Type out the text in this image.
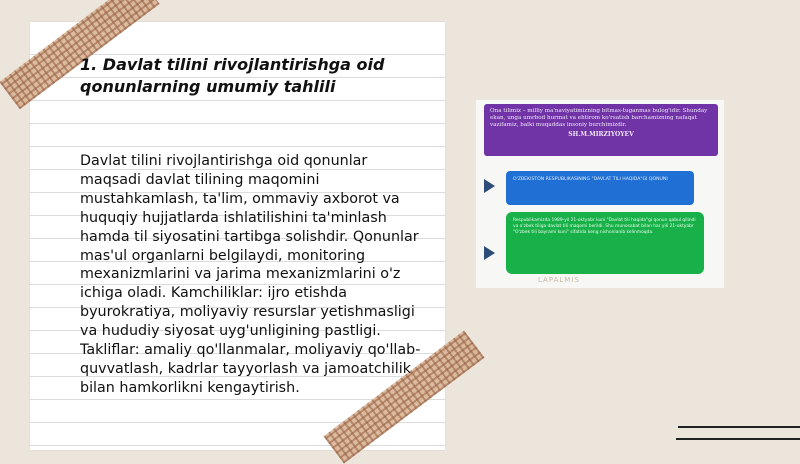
1. Davlat tilini rivojlantirishga oid qonunlarning umumiy tahlili
Davlat tilini rivojlantirishga oid qonunlar maqsadi davlat tilining maqomini mustahkamlash, ta'lim, ommaviy axborot va huquqiy hujjatlarda ishlatilishini ta'minlash hamda til siyosatini tartibga solishdir. Qonunlar mas'ul organlarni belgilaydi, monitoring mexanizmlarini va jarima mexanizmlarini o'z ichiga oladi. Kamchiliklar: ijro etishda byurokratiya, moliyaviy resurslar yetishmasligi va hududiy siyosat uyg'unligining pastligi. Takliflar: amaliy qo'llanmalar, moliyaviy qo'llab-quvvatlash, kadrlar tayyorlash va jamoatchilik bilan hamkorlikni kengaytirish.
Ona tilimiz – milliy ma'naviyatimizning bitmas-tuganmas bulog'idir. Shunday ekan, unga umrbod hurmat va ehtirom ko'rsatish barchamizning nafaqat vazifamiz, balki muqaddas insoniy burchimizdir.
SH.M.MIRZIYOYEV
O'ZBEKISTON RESPUBLIKASINING "DAVLAT TILI HAQIDA"GI QONUNI
Respublikamizda 1989-yil 21-oktyabr kuni "Davlat tili haqida"gi qonun qabul qilindi va o'zbek tiliga davlat tili maqomi berildi. Shu munosabat bilan har yili 21-oktyabr "O'zbek tili bayrami kuni" sifatida keng nishonlanib kelinmoqda.
LAPALMIS
